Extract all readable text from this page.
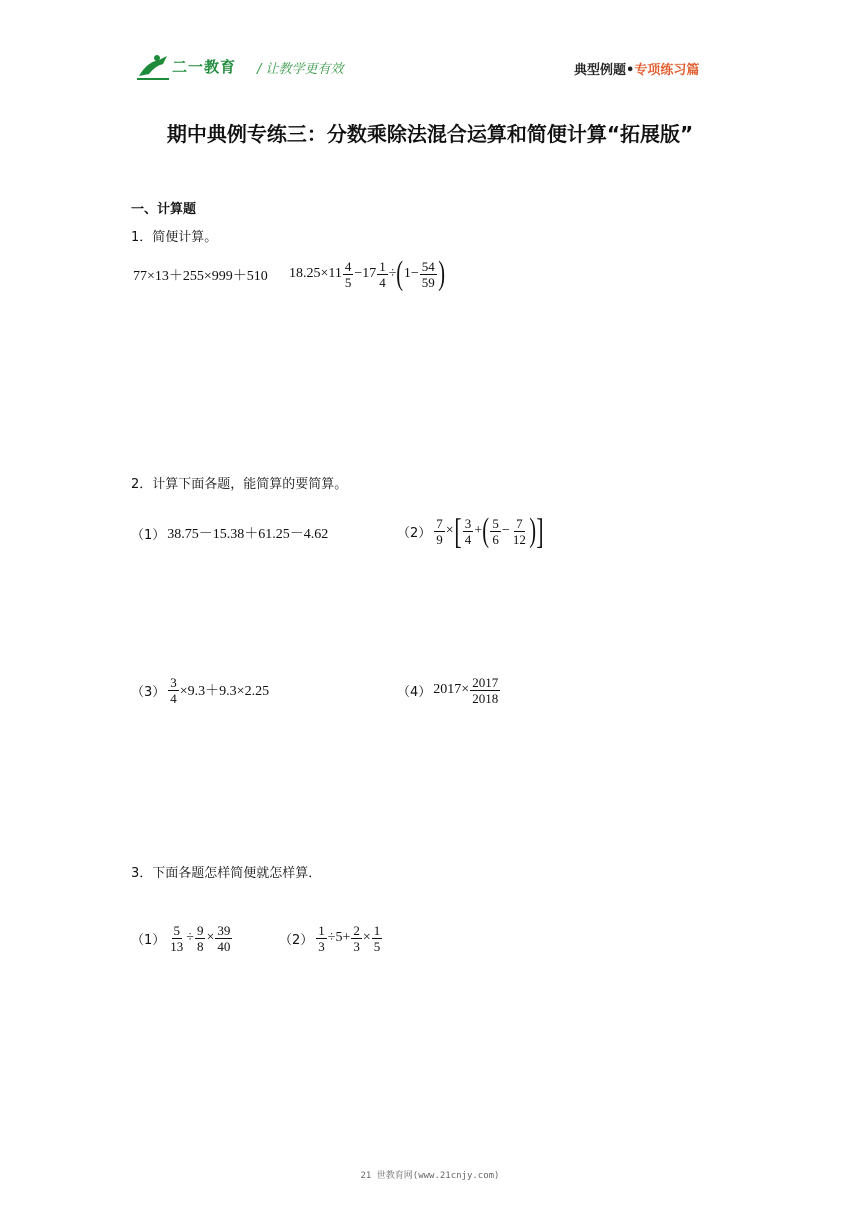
二一教育 / 让教学更有效	典型例题•专项练习篇
期中典例专练三：分数乘除法混合运算和简便计算“拓展版”
一、计算题
1．简便计算。
77×13＋255×999＋510 $18.25\times 11 \frac{4}{5} -17 \frac{1}{4}$ ÷ ( $1- \frac{54}{59}$ )
2．计算下面各题，能简算的要简算。
（1） 38.75－15.38＋61.25－4.62	$(2) \frac{7}{9}$ × [ $\frac{3}{4}$ + ( $\frac{5}{6} - \frac{7}{12}$ ) ]
$(3) \frac{3}{4} \times 9.3+9.3\times 2.25$	（4） $2017\times \frac{2017}{2018}$
3．下面各题怎样简便就怎样算．
$(1) \frac{5}{13} \div \frac{9}{8} \times \frac{39}{40}$	$(2) \frac{1}{3} \div 5+ \frac{2}{3} \times \frac{1}{5}$
21 世教育网(www.21cnjy.com)
